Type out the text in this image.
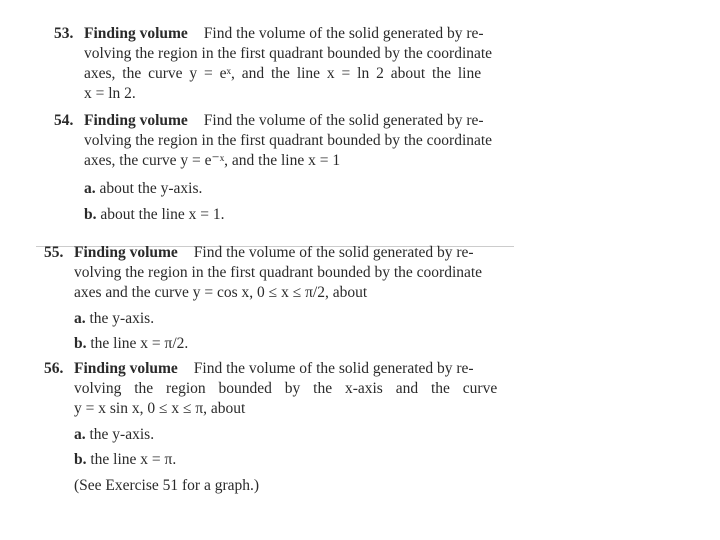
53. Finding volume Find the volume of the solid generated by re-
volving the region in the first quadrant bounded by the coordinate
axes, the curve y = eˣ, and the line x = ln 2 about the line
x = ln 2.
54. Finding volume Find the volume of the solid generated by re-
volving the region in the first quadrant bounded by the coordinate
axes, the curve y = e⁻ˣ, and the line x = 1
a. about the y-axis.
b. about the line x = 1.
55. Finding volume Find the volume of the solid generated by re-
volving the region in the first quadrant bounded by the coordinate
axes and the curve y = cos x, 0 ≤ x ≤ π/2, about
a. the y-axis.
b. the line x = π/2.
56. Finding volume Find the volume of the solid generated by re-
volving the region bounded by the x-axis and the curve
y = x sin x, 0 ≤ x ≤ π, about
a. the y-axis.
b. the line x = π.
(See Exercise 51 for a graph.)
